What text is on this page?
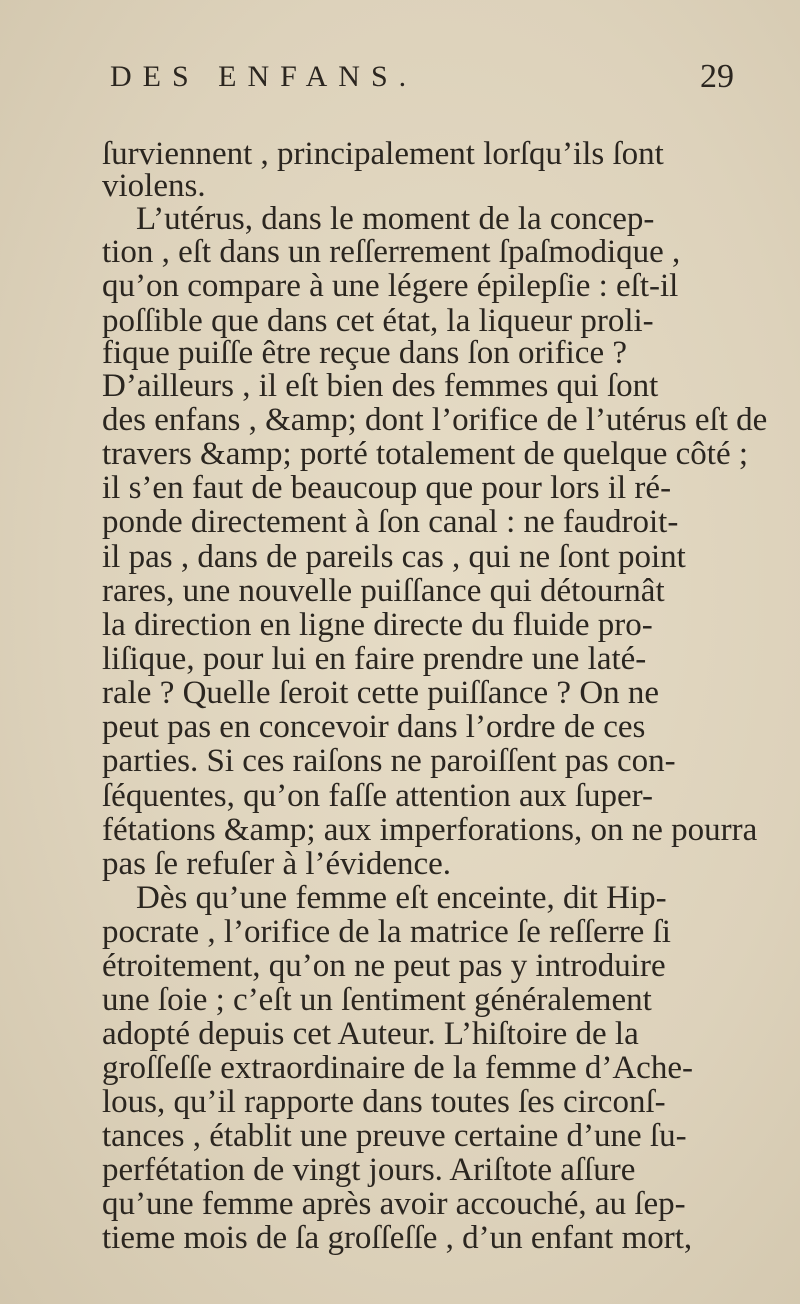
DES ENFANS.	29
ſurviennent , principalement lorſqu’ils ſont
violens.
L’utérus, dans le moment de la concep-
tion , eſt dans un reſſerrement ſpaſmodique ,
qu’on compare à une légere épilepſie : eſt-il
poſſible que dans cet état, la liqueur proli-
fique puiſſe être reçue dans ſon orifice ?
D’ailleurs , il eſt bien des femmes qui ſont
des enfans , &amp; dont l’orifice de l’utérus eſt de
travers &amp; porté totalement de quelque côté ;
il s’en faut de beaucoup que pour lors il ré-
ponde directement à ſon canal : ne faudroit-
il pas , dans de pareils cas , qui ne ſont point
rares, une nouvelle puiſſance qui détournât
la direction en ligne directe du fluide pro-
liſique, pour lui en faire prendre une laté-
rale ? Quelle ſeroit cette puiſſance ? On ne
peut pas en concevoir dans l’ordre de ces
parties. Si ces raiſons ne paroiſſent pas con-
ſéquentes, qu’on faſſe attention aux ſuper-
fétations &amp; aux imperforations, on ne pourra
pas ſe refuſer à l’évidence.
Dès qu’une femme eſt enceinte, dit Hip-
pocrate , l’orifice de la matrice ſe reſſerre ſi
étroitement, qu’on ne peut pas y introduire
une ſoie ; c’eſt un ſentiment généralement
adopté depuis cet Auteur. L’hiſtoire de la
groſſeſſe extraordinaire de la femme d’Ache-
lous, qu’il rapporte dans toutes ſes circonſ-
tances , établit une preuve certaine d’une ſu-
perfétation de vingt jours. Ariſtote aſſure
qu’une femme après avoir accouché, au ſep-
tieme mois de ſa groſſeſſe , d’un enfant mort,
